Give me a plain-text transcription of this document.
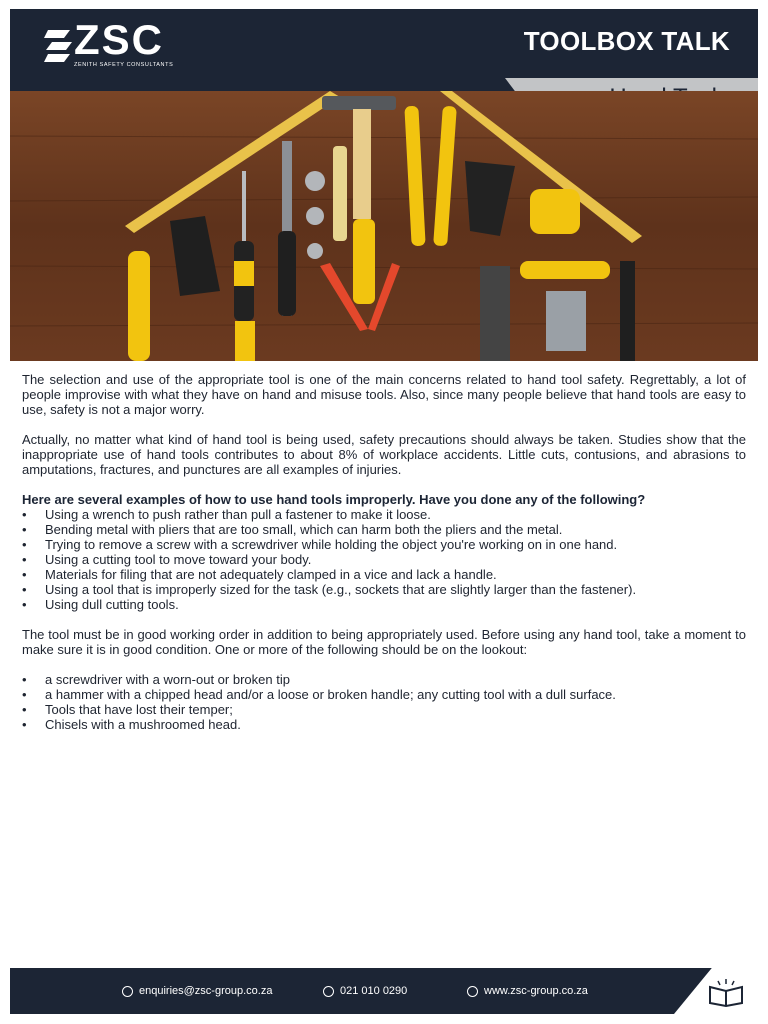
ZSC
ZENITH SAFETY CONSULTANTS
TOOLBOX TALK

The selection and use of the appropriate tool is one of the main concerns related to hand tool safety. Regrettably, a lot of people improvise with what they have on hand and misuse tools. Also, since many people believe that hand tools are easy to use, safety is not a major worry.

Actually, no matter what kind of hand tool is being used, safety precautions should always be taken. Studies show that the inappropriate use of hand tools contributes to about 8% of workplace accidents. Little cuts, contusions, and abrasions to amputations, fractures, and punctures are all examples of injuries.

Here are several examples of how to use hand tools improperly. Have you done any of the following?
• Using a wrench to push rather than pull a fastener to make it loose.
• Bending metal with pliers that are too small, which can harm both the pliers and the metal.
• Trying to remove a screw with a screwdriver while holding the object you're working on in one hand.
• Using a cutting tool to move toward your body.
• Materials for filing that are not adequately clamped in a vice and lack a handle.
• Using a tool that is improperly sized for the task (e.g., sockets that are slightly larger than the fastener).
• Using dull cutting tools.

The tool must be in good working order in addition to being appropriately used. Before using any hand tool, take a moment to make sure it is in good condition. One or more of the following should be on the lookout:

• a screwdriver with a worn-out or broken tip
• a hammer with a chipped head and/or a loose or broken handle; any cutting tool with a dull surface.
• Tools that have lost their temper;
• Chisels with a mushroomed head.
enquiries@zsc-group.co.za	021 010 0290	www.zsc-group.co.za
